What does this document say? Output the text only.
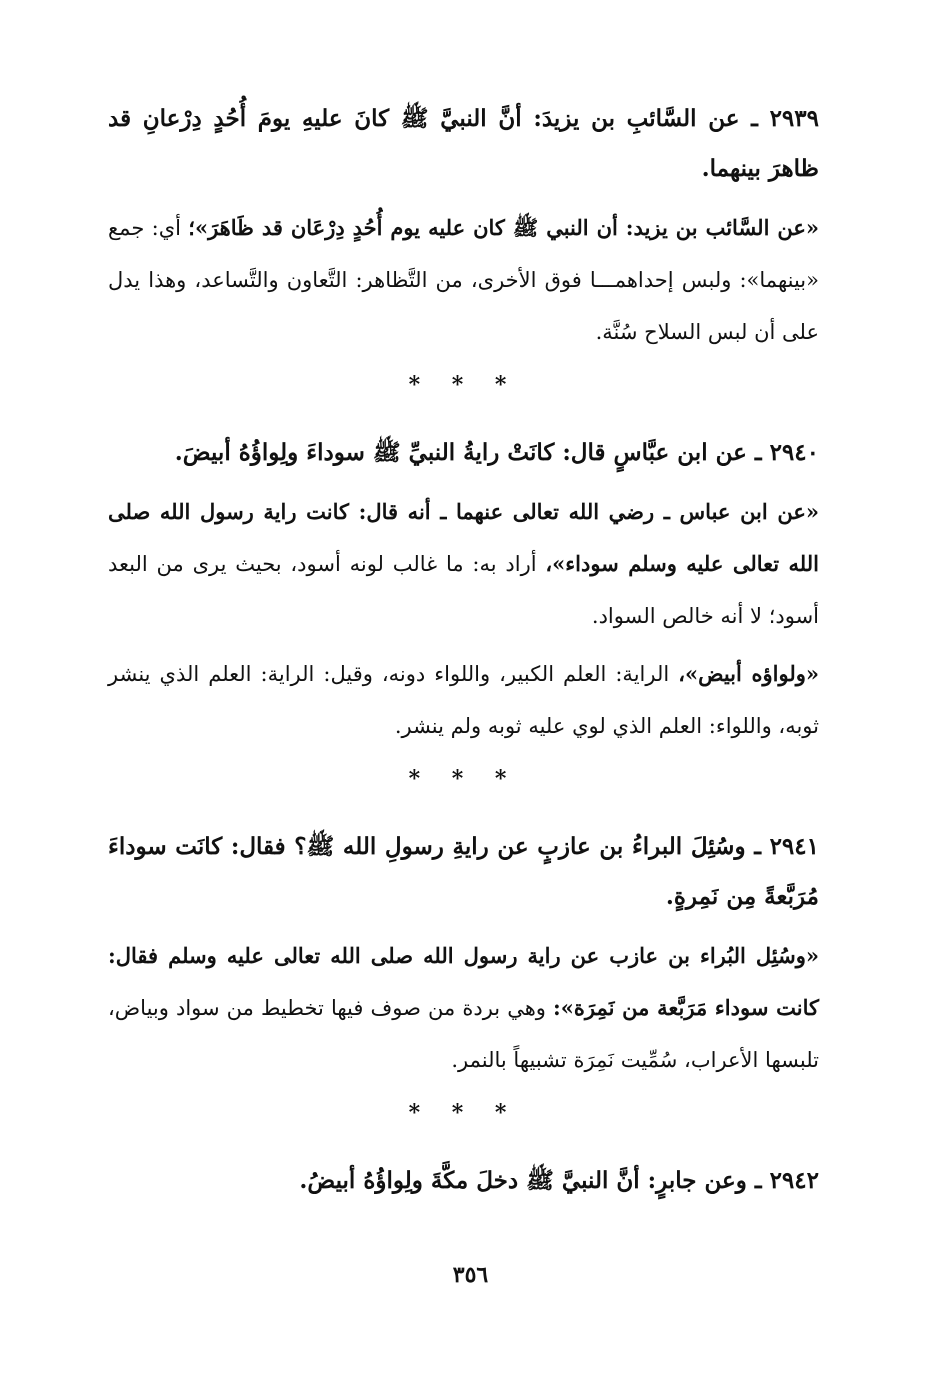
٢٩٣٩ ـ عن السَّائبِ بن يزيدَ: أنَّ النبيَّ ﷺ كانَ عليهِ يومَ أُحُدٍ دِرْعانِ قد ظاهرَ بينهما.

«عن السَّائب بن يزيد: أن النبي ﷺ كان عليه يوم أُحُدٍ دِرْعَان قد ظَاهَرَ»؛ أي: جمع «بينهما»: ولبس إحداهمـــا فوق الأخرى، من التَّظاهر: التَّعاون والتَّساعد، وهذا يدل على أن لبس السلاح سُنَّة.

* * *

٢٩٤٠ ـ عن ابن عبَّاسٍ قال: كانَتْ رايةُ النبيِّ ﷺ سوداءَ ولِواؤُهُ أبيضَ.

«عن ابن عباس ـ رضي الله تعالى عنهما ـ أنه قال: كانت راية رسول الله صلى الله تعالى عليه وسلم سوداء»، أراد به: ما غالب لونه أسود، بحيث يرى من البعد أسود؛ لا أنه خالص السواد.

«ولواؤه أبيض»، الراية: العلم الكبير، واللواء دونه، وقيل: الراية: العلم الذي ينشر ثوبه، واللواء: العلم الذي لوي عليه ثوبه ولم ينشر.

* * *

٢٩٤١ ـ وسُئِلَ البراءُ بن عازبٍ عن رايةِ رسولِ الله ﷺ؟ فقال: كانَت سوداءَ مُرَبَّعةً مِن نَمِرةٍ.

«وسُئِل البُراء بن عازب عن راية رسول الله صلى الله تعالى عليه وسلم فقال: كانت سوداء مَرَبَّعة من نَمِرَة»: وهي بردة من صوف فيها تخطيط من سواد وبياض، تلبسها الأعراب، سُمِّيت نَمِرَة تشبيهاً بالنمر.

* * *

٢٩٤٢ ـ وعن جابرٍ: أنَّ النبيَّ ﷺ دخلَ مكَّةَ ولِواؤُهُ أبيضُ.

٣٥٦
